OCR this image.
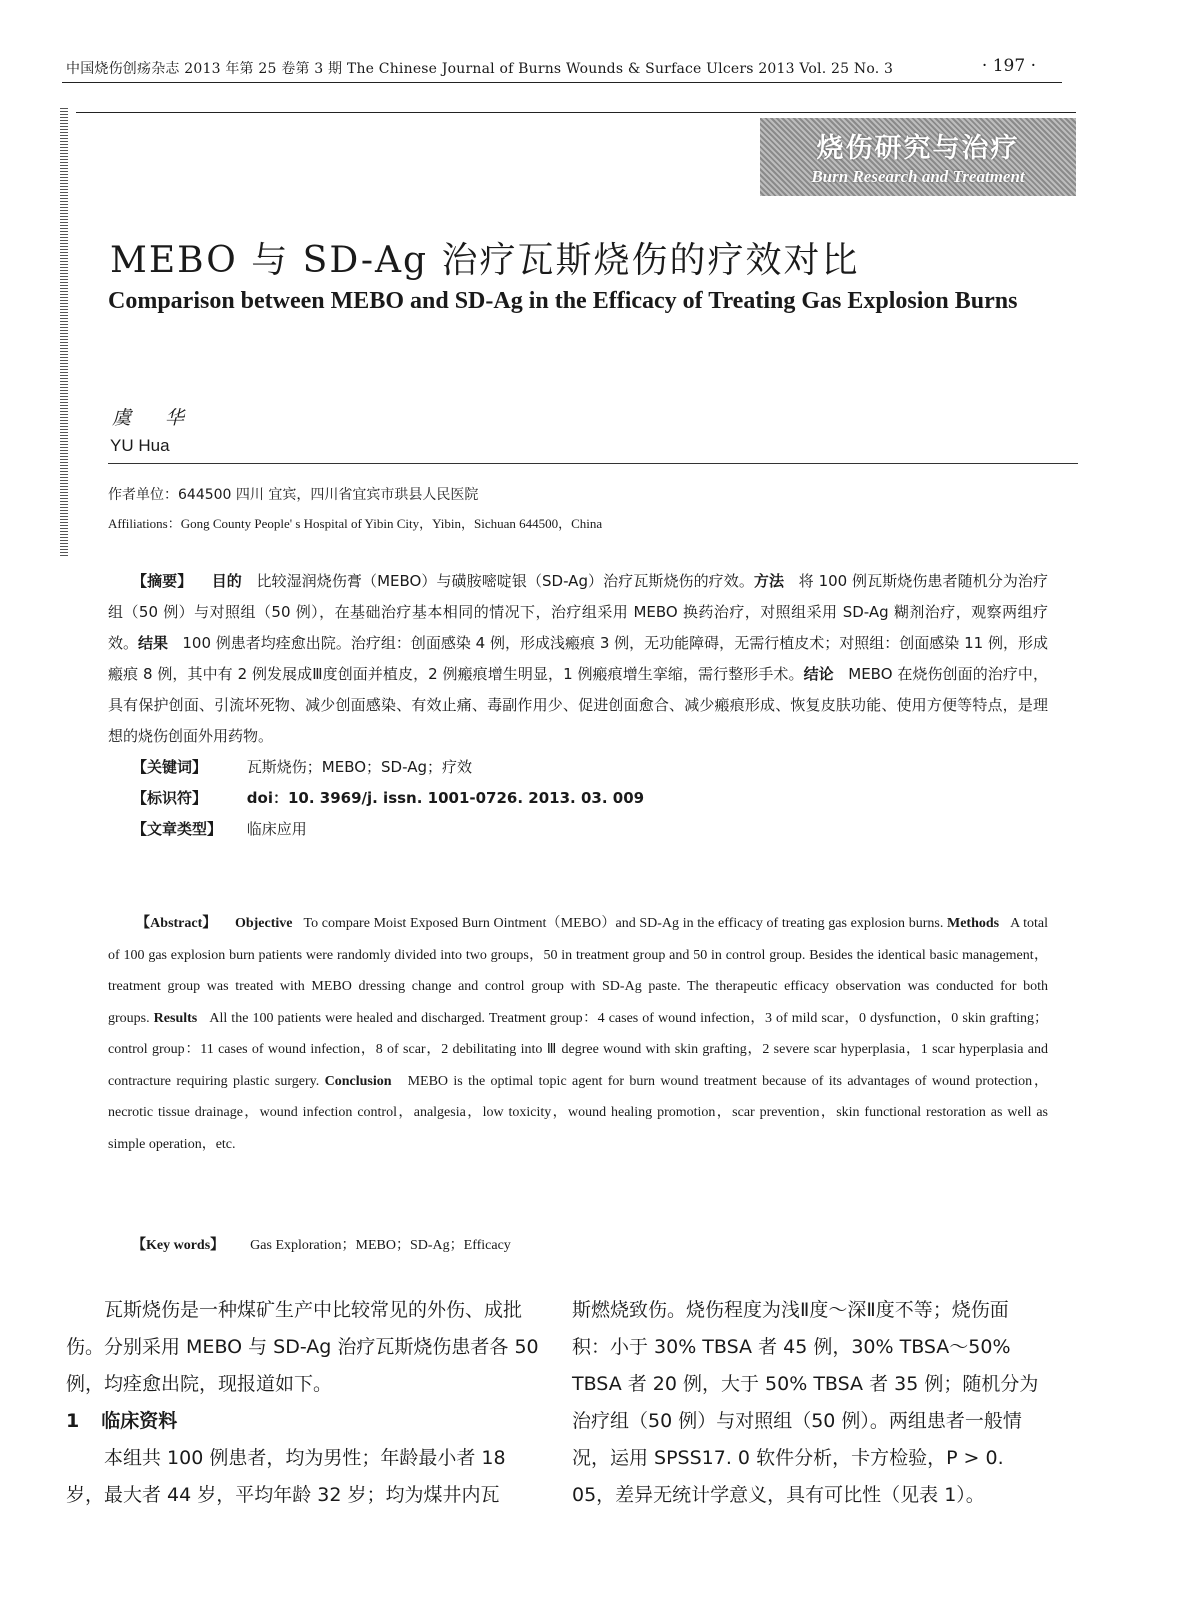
中国烧伤创疡杂志 2013 年第 25 卷第 3 期 The Chinese Journal of Burns Wounds & Surface Ulcers 2013 Vol. 25 No. 3	· 197 ·
烧伤研究与治疗
Burn Research and Treatment
MEBO 与 SD-Ag 治疗瓦斯烧伤的疗效对比
Comparison between MEBO and SD-Ag in the Efficacy of Treating Gas Explosion Burns
虞 华
YU Hua
作者单位：644500 四川 宜宾，四川省宜宾市珙县人民医院
Affiliations：Gong County People' s Hospital of Yibin City，Yibin，Sichuan 644500，China
【摘要】 目的 比较湿润烧伤膏（MEBO）与磺胺嘧啶银（SD-Ag）治疗瓦斯烧伤的疗效。方法 将 100 例瓦斯烧伤患者随机分为治疗组（50 例）与对照组（50 例），在基础治疗基本相同的情况下，治疗组采用 MEBO 换药治疗，对照组采用 SD-Ag 糊剂治疗，观察两组疗效。结果 100 例患者均痊愈出院。治疗组：创面感染 4 例，形成浅瘢痕 3 例，无功能障碍，无需行植皮术；对照组：创面感染 11 例，形成瘢痕 8 例，其中有 2 例发展成Ⅲ度创面并植皮，2 例瘢痕增生明显，1 例瘢痕增生挛缩，需行整形手术。结论 MEBO 在烧伤创面的治疗中，具有保护创面、引流坏死物、减少创面感染、有效止痛、毒副作用少、促进创面愈合、减少瘢痕形成、恢复皮肤功能、使用方便等特点，是理想的烧伤创面外用药物。
【关键词】	瓦斯烧伤；MEBO；SD-Ag；疗效
【标识符】	doi：10. 3969/j. issn. 1001-0726. 2013. 03. 009
【文章类型】 临床应用
【Abstract】 Objective To compare Moist Exposed Burn Ointment（MEBO）and SD-Ag in the efficacy of treating gas explosion burns. Methods A total of 100 gas explosion burn patients were randomly divided into two groups，50 in treatment group and 50 in control group. Besides the identical basic management，treatment group was treated with MEBO dressing change and control group with SD-Ag paste. The therapeutic efficacy observation was conducted for both groups. Results All the 100 patients were healed and discharged. Treatment group：4 cases of wound infection，3 of mild scar，0 dysfunction，0 skin grafting；control group：11 cases of wound infection，8 of scar，2 debilitating into Ⅲ degree wound with skin grafting，2 severe scar hyperplasia，1 scar hyperplasia and contracture requiring plastic surgery. Conclusion MEBO is the optimal topic agent for burn wound treatment because of its advantages of wound protection，necrotic tissue drainage，wound infection control，analgesia，low toxicity，wound healing promotion，scar prevention，skin functional restoration as well as simple operation，etc.
【Key words】 Gas Exploration；MEBO；SD-Ag；Efficacy
瓦斯烧伤是一种煤矿生产中比较常见的外伤、成批伤。分别采用 MEBO 与 SD-Ag 治疗瓦斯烧伤患者各 50 例，均痊愈出院，现报道如下。
1 临床资料
本组共 100 例患者，均为男性；年龄最小者 18 岁，最大者 44 岁，平均年龄 32 岁；均为煤井内瓦
斯燃烧致伤。烧伤程度为浅Ⅱ度～深Ⅱ度不等；烧伤面积：小于 30% TBSA 者 45 例，30% TBSA～50% TBSA 者 20 例，大于 50% TBSA 者 35 例；随机分为治疗组（50 例）与对照组（50 例）。两组患者一般情况，运用 SPSS17. 0 软件分析，卡方检验，P > 0. 05，差异无统计学意义，具有可比性（见表 1）。
